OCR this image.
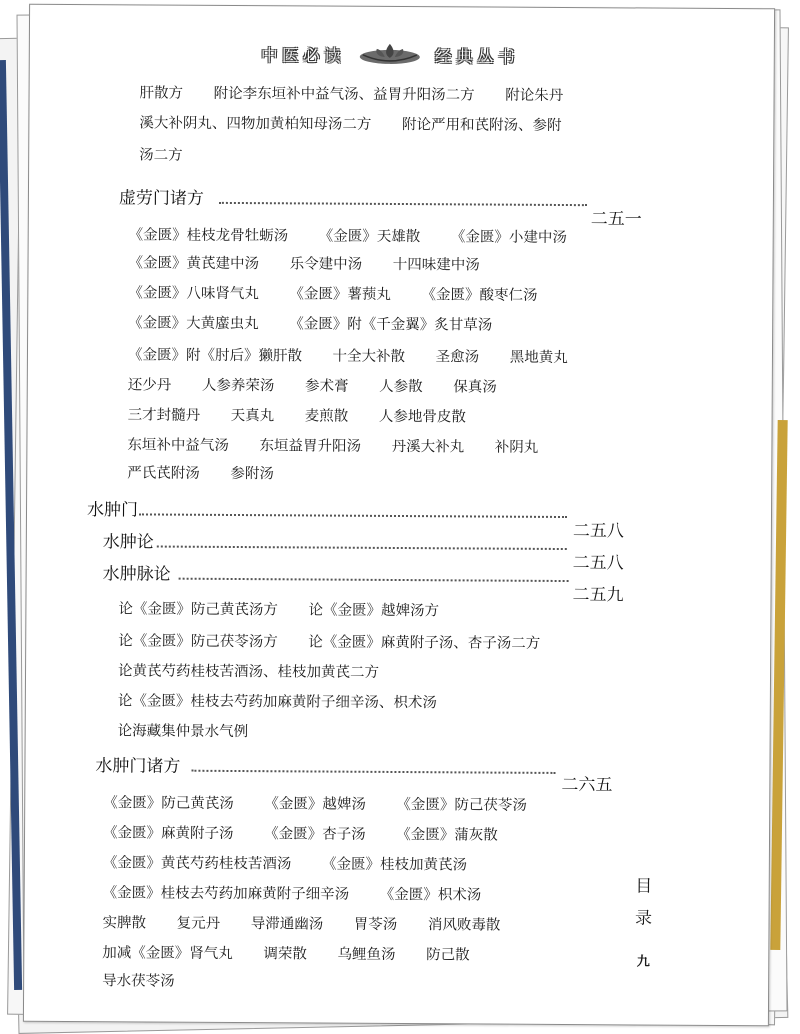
中医必读	经典丛书
肝散方 附论李东垣补中益气汤、益胃升阳汤二方 附论朱丹
溪大补阴丸、四物加黄柏知母汤二方 附论严用和芪附汤、参附
汤二方
虚劳门诸方
二五一
《金匮》桂枝龙骨牡蛎汤 《金匮》天雄散 《金匮》小建中汤
《金匮》黄芪建中汤 乐令建中汤 十四味建中汤
《金匮》八味肾气丸 《金匮》薯蓣丸 《金匮》酸枣仁汤
《金匮》大黄䗪虫丸 《金匮》附《千金翼》炙甘草汤
《金匮》附《肘后》獭肝散 十全大补散 圣愈汤 黑地黄丸
还少丹 人参养荣汤 参术膏 人参散 保真汤
三才封髓丹 天真丸 麦煎散 人参地骨皮散
东垣补中益气汤 东垣益胃升阳汤 丹溪大补丸 补阴丸
严氏芪附汤 参附汤
水肿门
二五八
水肿论
二五八
水肿脉论
二五九
论《金匮》防己黄芪汤方 论《金匮》越婢汤方
论《金匮》防己茯苓汤方 论《金匮》麻黄附子汤、杏子汤二方
论黄芪芍药桂枝苦酒汤、桂枝加黄芪二方
论《金匮》桂枝去芍药加麻黄附子细辛汤、枳术汤
论海藏集仲景水气例
水肿门诸方
二六五
《金匮》防己黄芪汤 《金匮》越婢汤 《金匮》防己茯苓汤
《金匮》麻黄附子汤 《金匮》杏子汤 《金匮》蒲灰散
《金匮》黄芪芍药桂枝苦酒汤 《金匮》桂枝加黄芪汤
《金匮》桂枝去芍药加麻黄附子细辛汤 《金匮》枳术汤
实脾散 复元丹 导滞通幽汤 胃苓汤 消风败毒散
加减《金匮》肾气丸 调荣散 乌鲤鱼汤 防己散
导水茯苓汤
目
录
九
